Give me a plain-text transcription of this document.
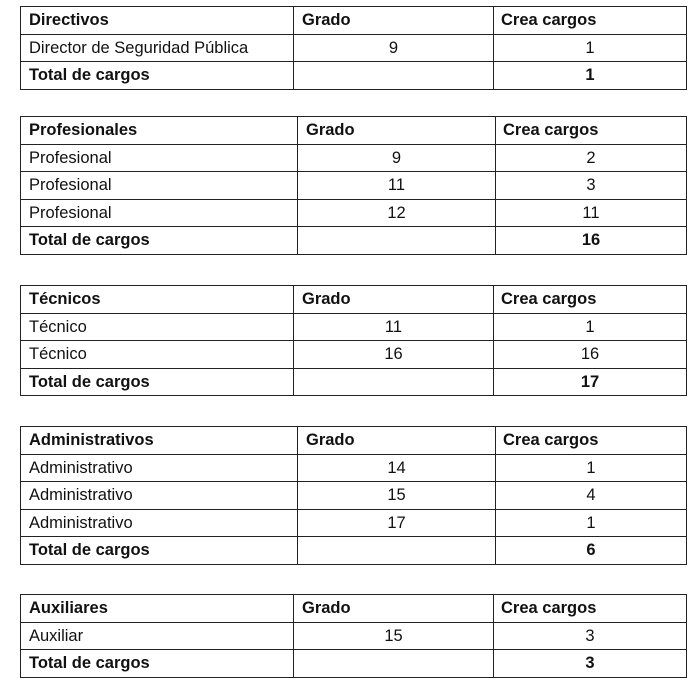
Directivos	Grado	Crea cargos
Director de Seguridad Pública	9	1
Total de cargos		1
Profesionales	Grado	Crea cargos
Profesional	9	2
Profesional	11	3
Profesional	12	11
Total de cargos		16
Técnicos	Grado	Crea cargos
Técnico	11	1
Técnico	16	16
Total de cargos		17
Administrativos	Grado	Crea cargos
Administrativo	14	1
Administrativo	15	4
Administrativo	17	1
Total de cargos		6
Auxiliares	Grado	Crea cargos
Auxiliar	15	3
Total de cargos		3
